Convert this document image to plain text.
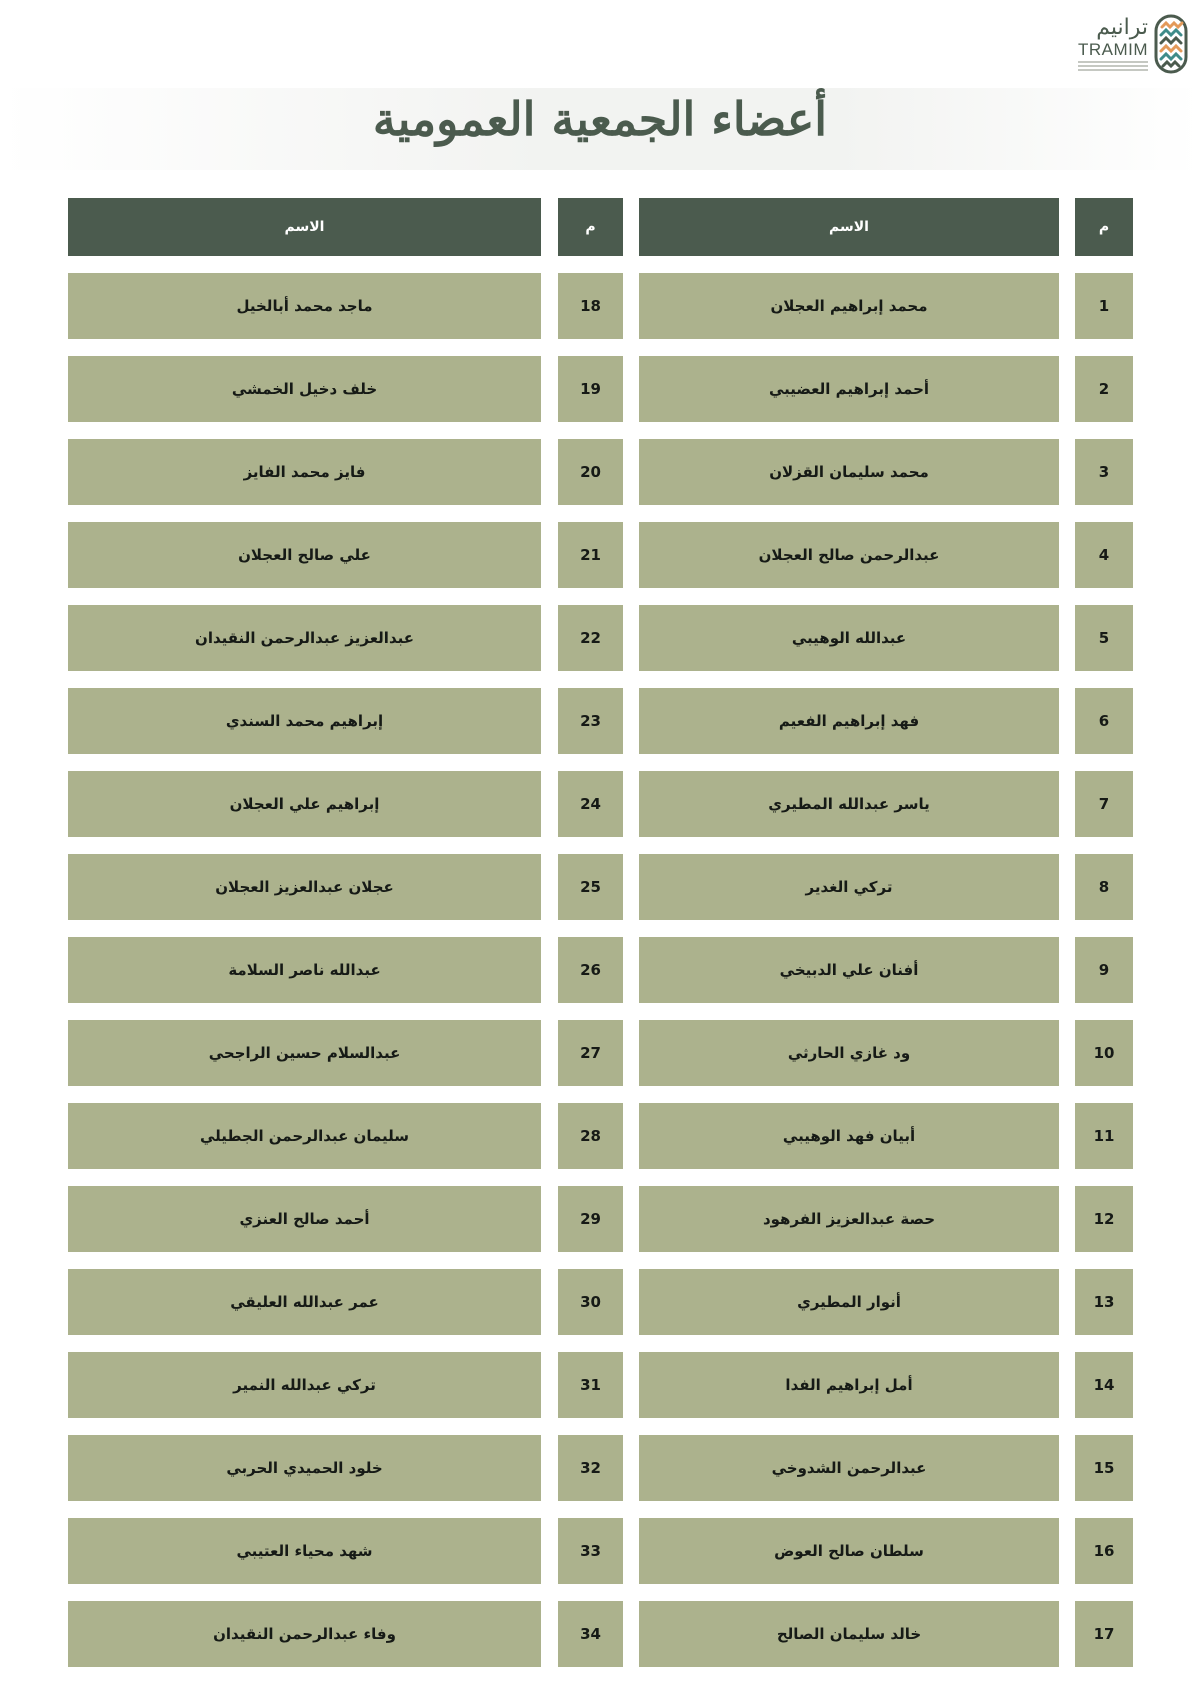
ترانيم
TRAMIM
أعضاء الجمعية العمومية
م
الاسم
م
الاسم
1
محمد إبراهيم العجلان
18
ماجد محمد أبالخيل
2
أحمد إبراهيم العضيبي
19
خلف دخيل الخمشي
3
محمد سليمان القزلان
20
فايز محمد الفايز
4
عبدالرحمن صالح العجلان
21
علي صالح العجلان
5
عبدالله الوهيبي
22
عبدالعزيز عبدالرحمن النقيدان
6
فهد إبراهيم الفعيم
23
إبراهيم محمد السندي
7
ياسر عبدالله المطيري
24
إبراهيم علي العجلان
8
تركي الغدير
25
عجلان عبدالعزيز العجلان
9
أفنان علي الدبيخي
26
عبدالله ناصر السلامة
10
ود غازي الحارثي
27
عبدالسلام حسين الراجحي
11
أبيان فهد الوهيبي
28
سليمان عبدالرحمن الجطيلي
12
حصة عبدالعزيز الفرهود
29
أحمد صالح العنزي
13
أنوار المطيري
30
عمر عبدالله العليقي
14
أمل إبراهيم الفدا
31
تركي عبدالله النمير
15
عبدالرحمن الشدوخي
32
خلود الحميدي الحربي
16
سلطان صالح العوض
33
شهد محياء العتيبي
17
خالد سليمان الصالح
34
وفاء عبدالرحمن النقيدان
